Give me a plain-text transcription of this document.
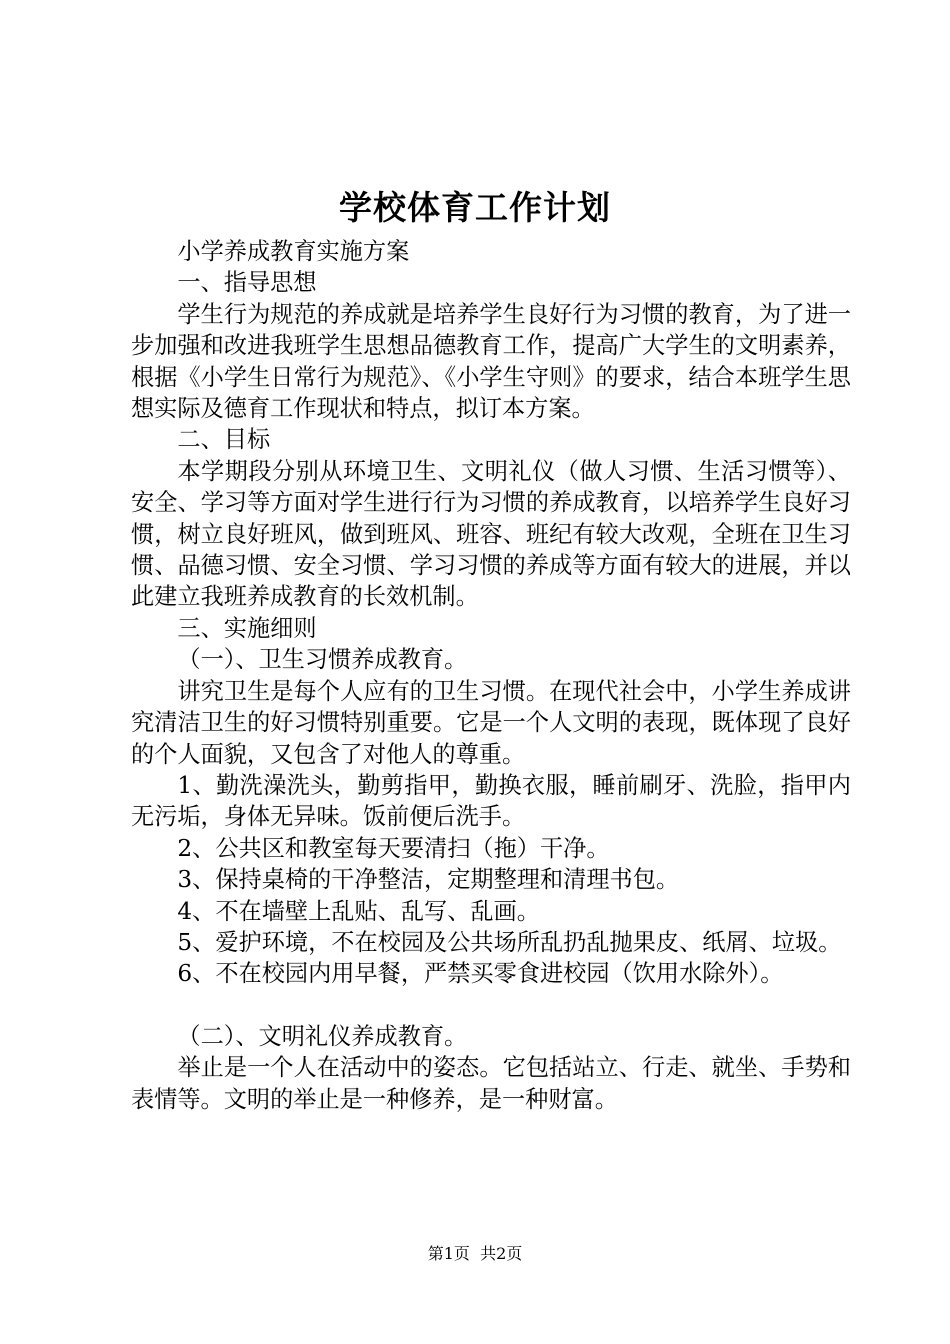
学校体育工作计划

小学养成教育实施方案

一、指导思想

学生行为规范的养成就是培养学生良好行为习惯的教育，为了进一步加强和改进我班学生思想品德教育工作，提高广大学生的文明素养，根据《小学生日常行为规范》、《小学生守则》的要求，结合本班学生思想实际及德育工作现状和特点，拟订本方案。

二、目标

本学期段分别从环境卫生、文明礼仪（做人习惯、生活习惯等）、安全、学习等方面对学生进行行为习惯的养成教育，以培养学生良好习惯，树立良好班风，做到班风、班容、班纪有较大改观，全班在卫生习惯、品德习惯、安全习惯、学习习惯的养成等方面有较大的进展，并以此建立我班养成教育的长效机制。

三、实施细则

（一）、卫生习惯养成教育。

讲究卫生是每个人应有的卫生习惯。在现代社会中，小学生养成讲究清洁卫生的好习惯特别重要。它是一个人文明的表现，既体现了良好的个人面貌，又包含了对他人的尊重。

1、勤洗澡洗头，勤剪指甲，勤换衣服，睡前刷牙、洗脸，指甲内无污垢，身体无异味。饭前便后洗手。

2、公共区和教室每天要清扫（拖）干净。

3、保持桌椅的干净整洁，定期整理和清理书包。

4、不在墙壁上乱贴、乱写、乱画。

5、爱护环境，不在校园及公共场所乱扔乱抛果皮、纸屑、垃圾。

6、不在校园内用早餐，严禁买零食进校园（饮用水除外）。

（二）、文明礼仪养成教育。

举止是一个人在活动中的姿态。它包括站立、行走、就坐、手势和表情等。文明的举止是一种修养，是一种财富。

第1页 共2页
